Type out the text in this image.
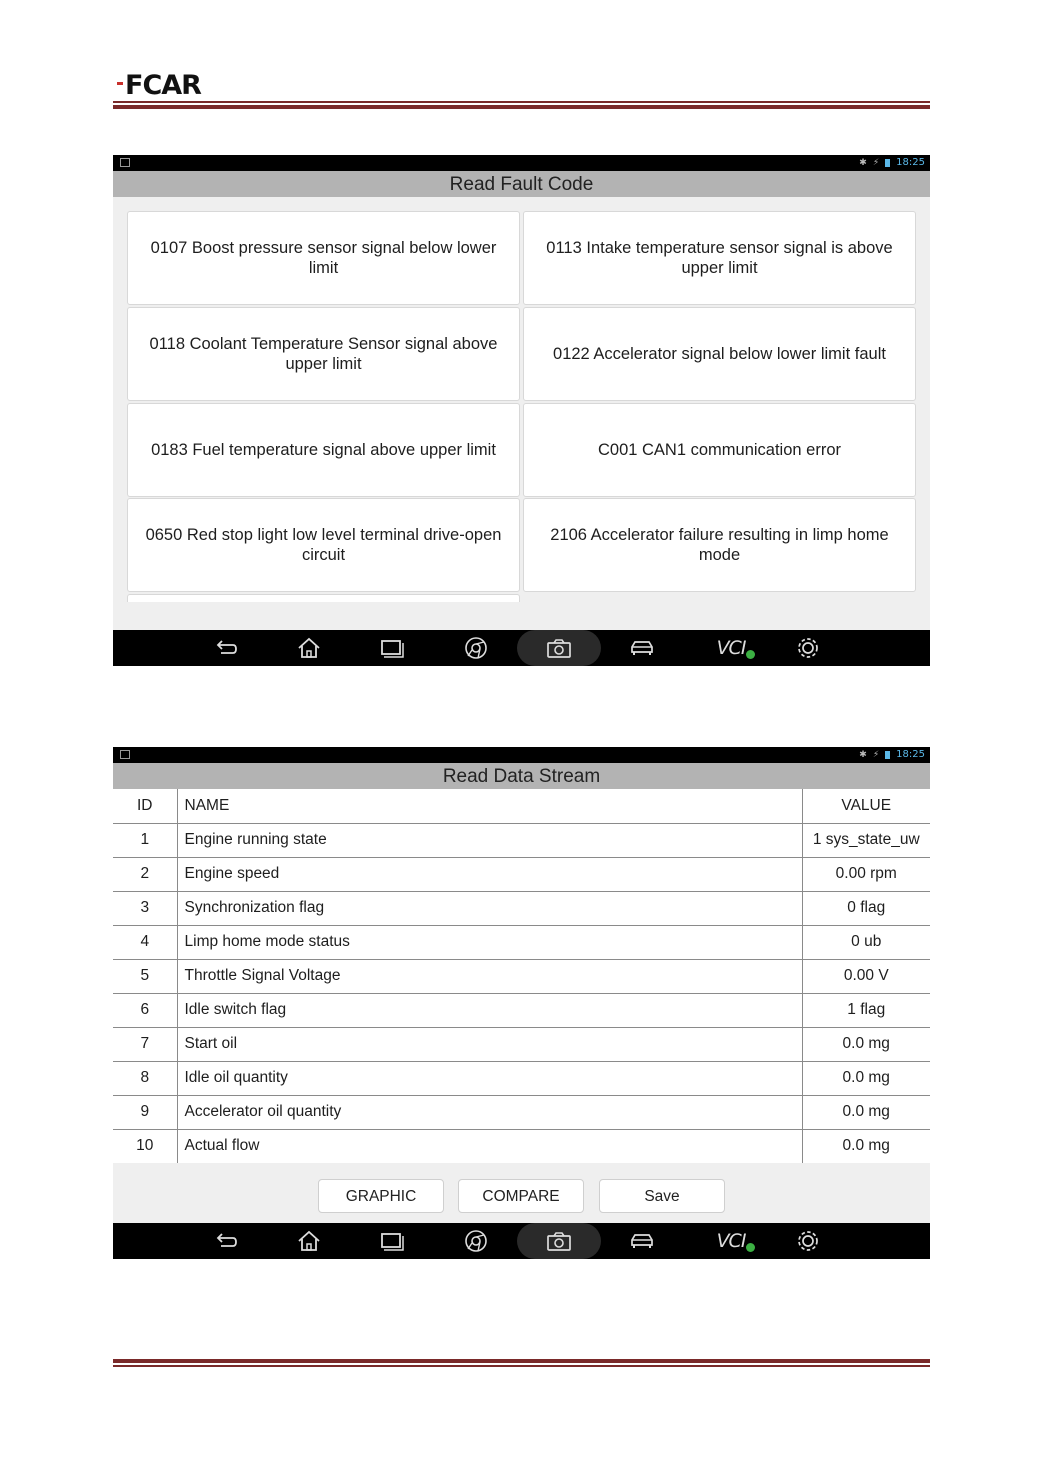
FCAR
✱ ⚡ 18:25
Read Fault Code
0107 Boost pressure sensor signal below lower limit
0113 Intake temperature sensor signal is above upper limit
0118 Coolant Temperature Sensor signal above upper limit
0122 Accelerator signal below lower limit fault
0183 Fuel temperature signal above upper limit	C001 CAN1 communication error
0650 Red stop light low level terminal drive-open circuit
2106 Accelerator failure resulting in limp home mode
VCI
✱ ⚡ 18:25
Read Data Stream
ID	NAME	VALUE
1	Engine running state	1 sys_state_uw
2	Engine speed	0.00 rpm
3	Synchronization flag	0 flag
4	Limp home mode status	0 ub
5	Throttle Signal Voltage	0.00 V
6	Idle switch flag	1 flag
7	Start oil	0.0 mg
8	Idle oil quantity	0.0 mg
9	Accelerator oil quantity	0.0 mg
10	Actual flow	0.0 mg
GRAPHIC	COMPARE	Save
VCI
